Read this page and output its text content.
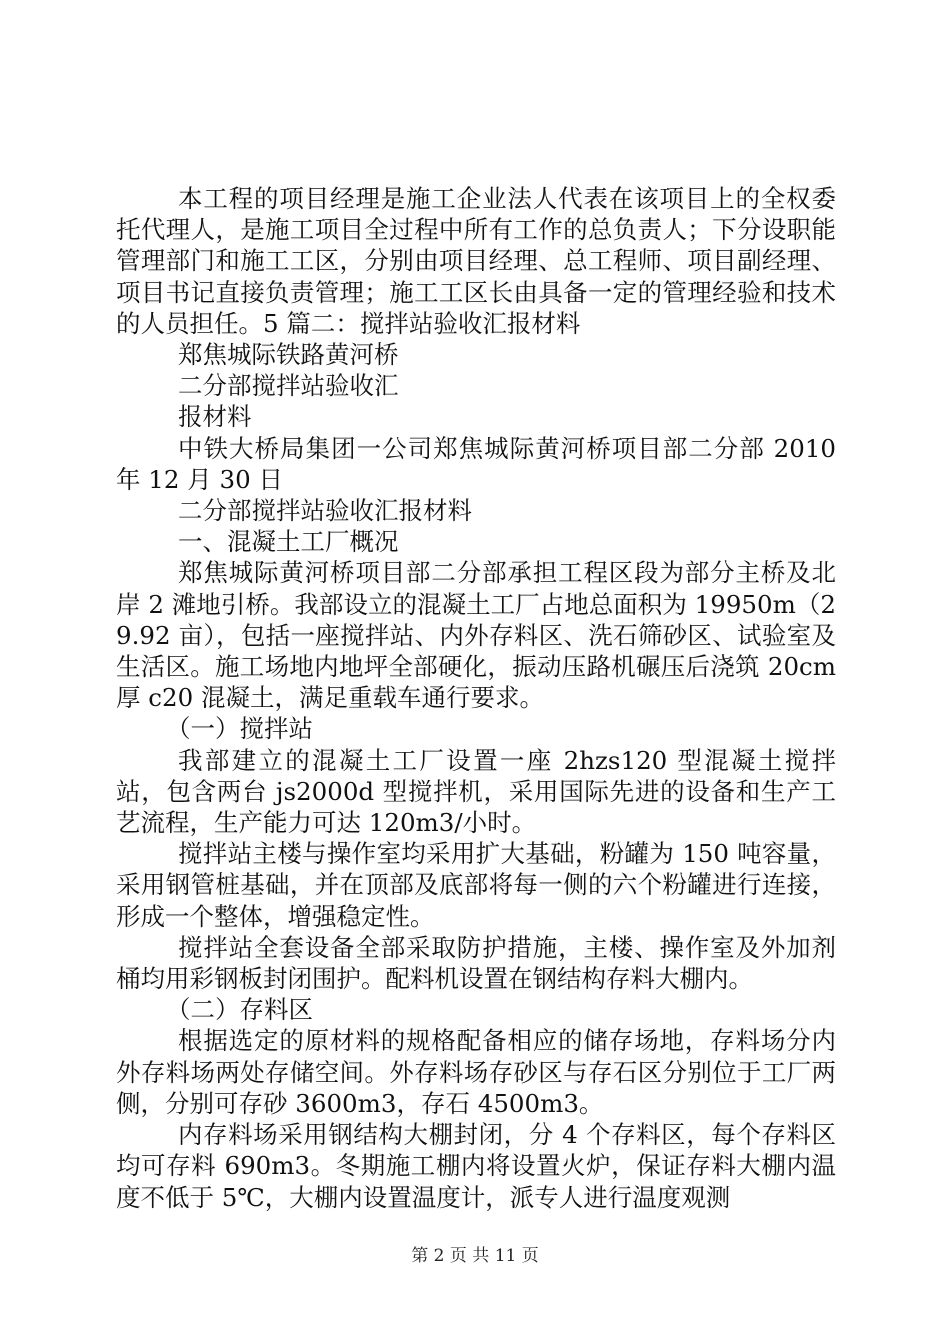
本工程的项目经理是施工企业法人代表在该项目上的全权委托代理人，是施工项目全过程中所有工作的总负责人；下分设职能管理部门和施工工区，分别由项目经理、总工程师、项目副经理、项目书记直接负责管理；施工工区长由具备一定的管理经验和技术的人员担任。5 篇二：搅拌站验收汇报材料

郑焦城际铁路黄河桥

二分部搅拌站验收汇

报材料

中铁大桥局集团一公司郑焦城际黄河桥项目部二分部 2010 年 12 月 30 日

二分部搅拌站验收汇报材料

一、混凝土工厂概况

郑焦城际黄河桥项目部二分部承担工程区段为部分主桥及北岸 2 滩地引桥。我部设立的混凝土工厂占地总面积为 19950m（29.92 亩），包括一座搅拌站、内外存料区、洗石筛砂区、试验室及生活区。施工场地内地坪全部硬化，振动压路机碾压后浇筑 20cm 厚 c20 混凝土，满足重载车通行要求。

（一）搅拌站

我部建立的混凝土工厂设置一座 2hzs120 型混凝土搅拌站，包含两台 js2000d 型搅拌机，采用国际先进的设备和生产工艺流程，生产能力可达 120m3/小时。

搅拌站主楼与操作室均采用扩大基础，粉罐为 150 吨容量，采用钢管桩基础，并在顶部及底部将每一侧的六个粉罐进行连接，形成一个整体，增强稳定性。

搅拌站全套设备全部采取防护措施，主楼、操作室及外加剂桶均用彩钢板封闭围护。配料机设置在钢结构存料大棚内。

（二）存料区

根据选定的原材料的规格配备相应的储存场地，存料场分内外存料场两处存储空间。外存料场存砂区与存石区分别位于工厂两侧，分别可存砂 3600m3，存石 4500m3。

内存料场采用钢结构大棚封闭，分 4 个存料区，每个存料区均可存料 690m3。冬期施工棚内将设置火炉，保证存料大棚内温度不低于 5℃，大棚内设置温度计，派专人进行温度观测

第 2 页 共 11 页
